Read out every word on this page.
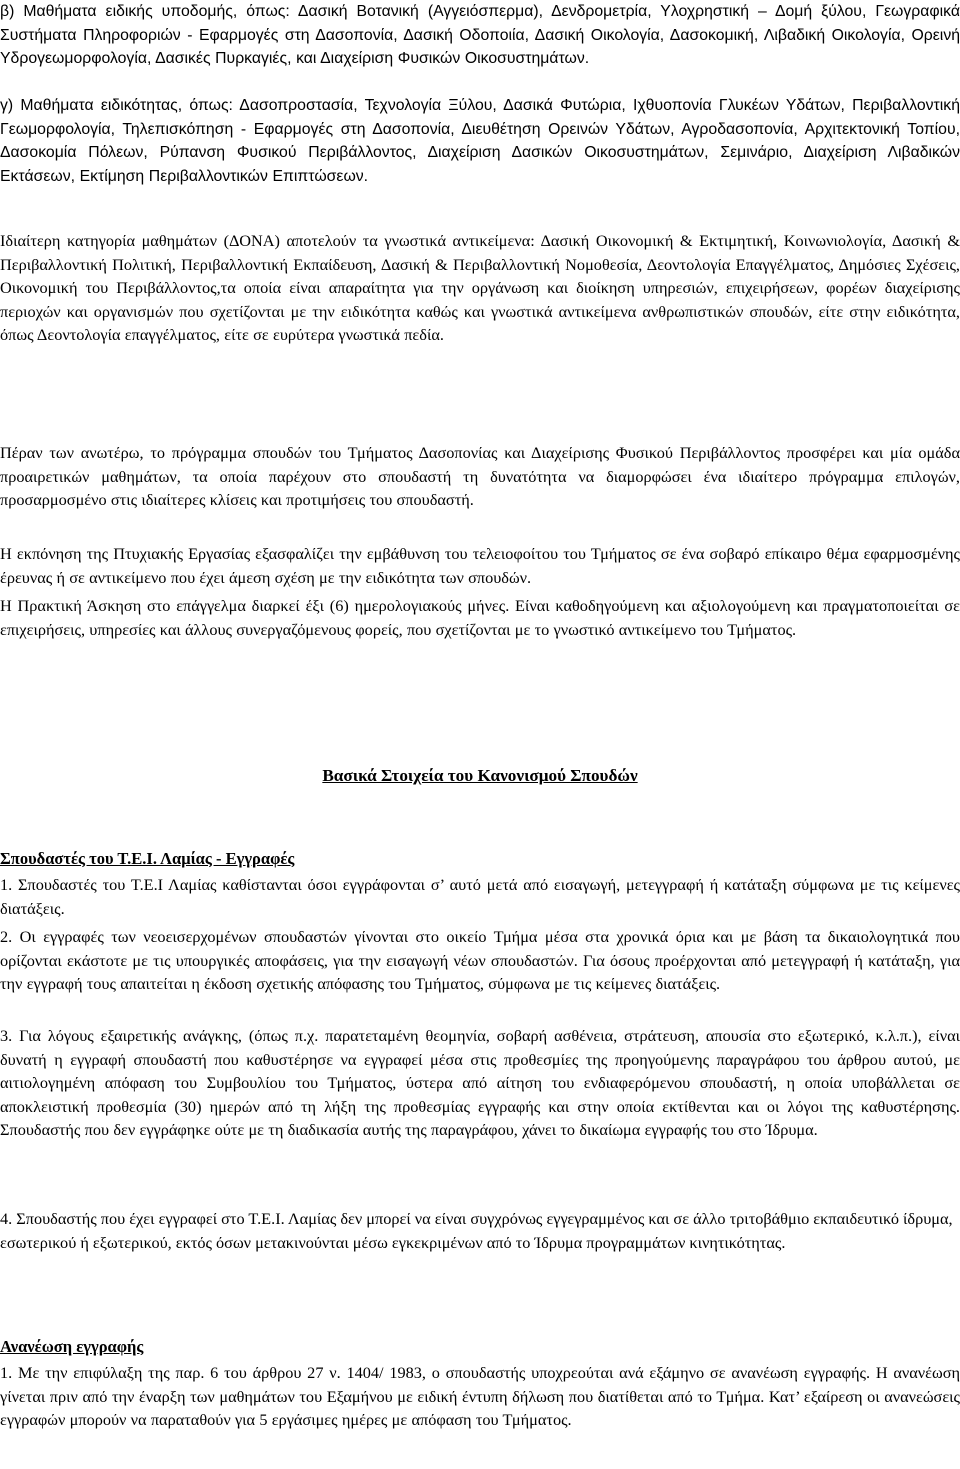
β) Μαθήματα ειδικής υποδομής, όπως: Δασική Βοτανική (Αγγειόσπερμα), Δενδρομετρία, Υλοχρηστική – Δομή ξύλου, Γεωγραφικά Συστήματα Πληροφοριών - Εφαρμογές στη Δασοπονία, Δασική Οδοποιία, Δασική Οικολογία, Δασοκομική, Λιβαδική Οικολογία, Ορεινή Υδρογεωμορφολογία, Δασικές Πυρκαγιές, και Διαχείριση Φυσικών Οικοσυστημάτων.

γ) Μαθήματα ειδικότητας, όπως: Δασοπροστασία, Τεχνολογία Ξύλου, Δασικά Φυτώρια, Ιχθυοπονία Γλυκέων Υδάτων, Περιβαλλοντική Γεωμορφολογία, Τηλεπισκόπηση - Εφαρμογές στη Δασοπονία, Διευθέτηση Ορεινών Υδάτων, Αγροδασοπονία, Αρχιτεκτονική Τοπίου, Δασοκομία Πόλεων, Ρύπανση Φυσικού Περιβάλλοντος, Διαχείριση Δασικών Οικοσυστημάτων, Σεμινάριο, Διαχείριση Λιβαδικών Εκτάσεων, Εκτίμηση Περιβαλλοντικών Επιπτώσεων.

Ιδιαίτερη κατηγορία μαθημάτων (ΔΟΝΑ) αποτελούν τα γνωστικά αντικείμενα: Δασική Οικονομική & Εκτιμητική, Κοινωνιολογία, Δασική & Περιβαλλοντική Πολιτική, Περιβαλλοντική Εκπαίδευση, Δασική & Περιβαλλοντική Νομοθεσία, Δεοντολογία Επαγγέλματος, Δημόσιες Σχέσεις, Οικονομική του Περιβάλλοντος,τα οποία είναι απαραίτητα για την οργάνωση και διοίκηση υπηρεσιών, επιχειρήσεων, φορέων διαχείρισης περιοχών και οργανισμών που σχετίζονται με την ειδικότητα καθώς και γνωστικά αντικείμενα ανθρωπιστικών σπουδών, είτε στην ειδικότητα, όπως Δεοντολογία επαγγέλματος, είτε σε ευρύτερα γνωστικά πεδία.

Πέραν των ανωτέρω, το πρόγραμμα σπουδών του Τμήματος Δασοπονίας και Διαχείρισης Φυσικού Περιβάλλοντος προσφέρει και μία ομάδα προαιρετικών μαθημάτων, τα οποία παρέχουν στο σπουδαστή τη δυνατότητα να διαμορφώσει ένα ιδιαίτερο πρόγραμμα επιλογών, προσαρμοσμένο στις ιδιαίτερες κλίσεις και προτιμήσεις του σπουδαστή.

Η εκπόνηση της Πτυχιακής Εργασίας εξασφαλίζει την εμβάθυνση του τελειοφοίτου του Τμήματος σε ένα σοβαρό επίκαιρο θέμα εφαρμοσμένης έρευνας ή σε αντικείμενο που έχει άμεση σχέση με την ειδικότητα των σπουδών.

Η Πρακτική Άσκηση στο επάγγελμα διαρκεί έξι (6) ημερολογιακούς μήνες. Είναι καθοδηγούμενη και αξιολογούμενη και πραγματοποιείται σε επιχειρήσεις, υπηρεσίες και άλλους συνεργαζόμενους φορείς, που σχετίζονται με το γνωστικό αντικείμενο του Τμήματος.

Βασικά Στοιχεία του Κανονισμού Σπουδών
Σπουδαστές του Τ.Ε.Ι. Λαμίας - Εγγραφές

1. Σπουδαστές του Τ.Ε.Ι Λαμίας καθίστανται όσοι εγγράφονται σ’ αυτό μετά από εισαγωγή, μετεγγραφή ή κατάταξη σύμφωνα με τις κείμενες διατάξεις.

2. Οι εγγραφές των νεοεισερχομένων σπουδαστών γίνονται στο οικείο Τμήμα μέσα στα χρονικά όρια και με βάση τα δικαιολογητικά που ορίζονται εκάστοτε με τις υπουργικές αποφάσεις, για την εισαγωγή νέων σπουδαστών. Για όσους προέρχονται από μετεγγραφή ή κατάταξη, για την εγγραφή τους απαιτείται η έκδοση σχετικής απόφασης του Τμήματος, σύμφωνα με τις κείμενες διατάξεις.

3. Για λόγους εξαιρετικής ανάγκης, (όπως π.χ. παρατεταμένη θεομηνία, σοβαρή ασθένεια, στράτευση, απουσία στο εξωτερικό, κ.λ.π.), είναι δυνατή η εγγραφή σπουδαστή που καθυστέρησε να εγγραφεί μέσα στις προθεσμίες της προηγούμενης παραγράφου του άρθρου αυτού, με αιτιολογημένη απόφαση του Συμβουλίου του Τμήματος, ύστερα από αίτηση του ενδιαφερόμενου σπουδαστή, η οποία υποβάλλεται σε αποκλειστική προθεσμία (30) ημερών από τη λήξη της προθεσμίας εγγραφής και στην οποία εκτίθενται και οι λόγοι της καθυστέρησης. Σπουδαστής που δεν εγγράφηκε ούτε με τη διαδικασία αυτής της παραγράφου, χάνει το δικαίωμα εγγραφής του στο Ίδρυμα.

4. Σπουδαστής που έχει εγγραφεί στο Τ.Ε.Ι. Λαμίας δεν μπορεί να είναι συγχρόνως εγγεγραμμένος και σε άλλο τριτοβάθμιο εκπαιδευτικό ίδρυμα, εσωτερικού ή εξωτερικού, εκτός όσων μετακινούνται μέσω εγκεκριμένων από το Ίδρυμα προγραμμάτων κινητικότητας.

Ανανέωση εγγραφής

1. Με την επιφύλαξη της παρ. 6 του άρθρου 27 ν. 1404/ 1983, ο σπουδαστής υποχρεούται ανά εξάμηνο σε ανανέωση εγγραφής. Η ανανέωση γίνεται πριν από την έναρξη των μαθημάτων του Εξαμήνου με ειδική έντυπη δήλωση που διατίθεται από το Τμήμα. Κατ’ εξαίρεση οι ανανεώσεις εγγραφών μπορούν να παραταθούν για 5 εργάσιμες ημέρες με απόφαση του Τμήματος.
